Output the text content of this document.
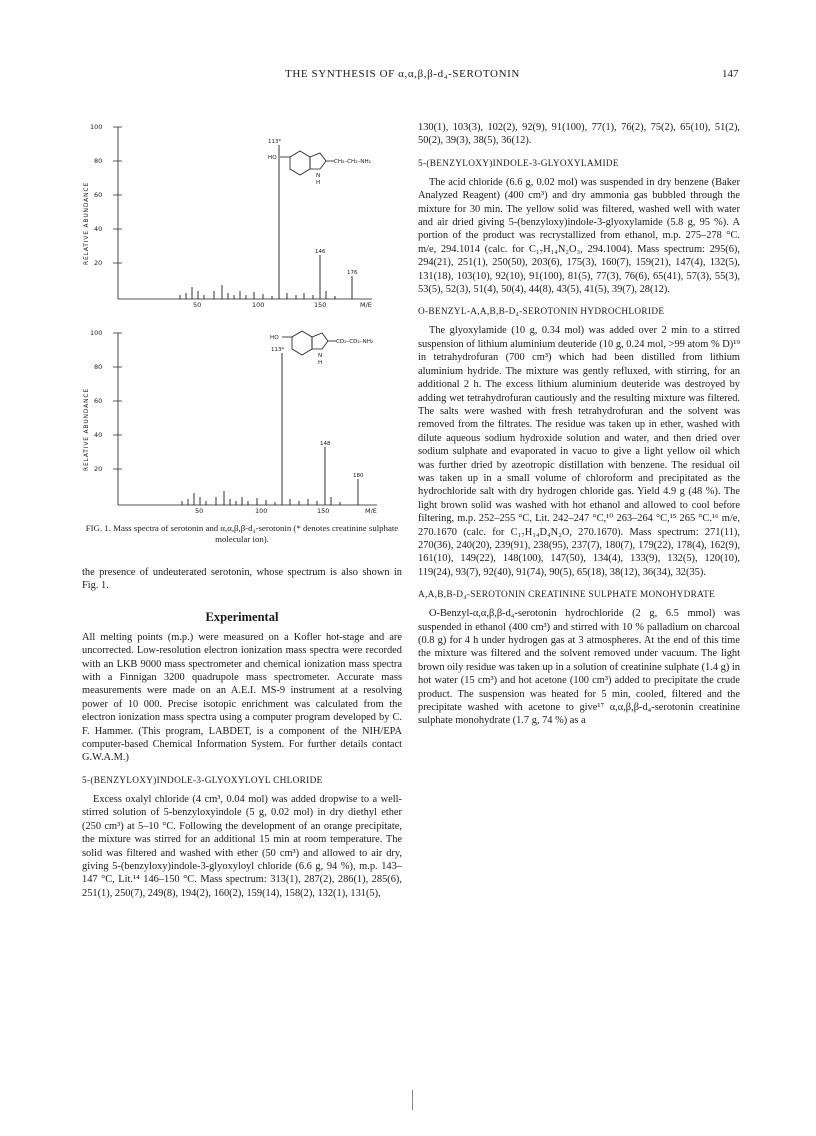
THE SYNTHESIS OF α,α,β,β-d₄-SEROTONIN	147
100
80
60
40
20
RELATIVE ABUNDANCE
50	100	150	M/E
113*
146
176
HO
CH₂–CH₂–NH₂
N
H
100
80
60
40
20
RELATIVE ABUNDANCE
50	100	150	M/E
113*
148
180
HO
CD₂–CD₂–NH₂
N
H
FIG. 1. Mass spectra of serotonin and α,α,β,β-d₄-serotonin (* denotes creatinine sulphate molecular ion).

the presence of undeuterated serotonin, whose spectrum is also shown in Fig. 1.

Experimental

All melting points (m.p.) were measured on a Kofler hot-stage and are uncorrected. Low-resolution electron ionization mass spectra were recorded with an LKB 9000 mass spectrometer and chemical ionization mass spectra with a Finnigan 3200 quadrupole mass spectrometer. Accurate mass measurements were made on an A.E.I. MS-9 instrument at a resolving power of 10 000. Precise isotopic enrichment was calculated from the electron ionization mass spectra using a computer program developed by C. F. Hammer. (This program, LABDET, is a component of the NIH/EPA computer-based Chemical Information System. For further details contact G.W.A.M.)

5-(BENZYLOXY)INDOLE-3-GLYOXYLOYL CHLORIDE

Excess oxalyl chloride (4 cm³, 0.04 mol) was added dropwise to a well-stirred solution of 5-benzyloxyindole (5 g, 0.02 mol) in dry diethyl ether (250 cm³) at 5–10 °C. Following the development of an orange precipitate, the mixture was stirred for an additional 15 min at room temperature. The solid was filtered and washed with ether (50 cm³) and allowed to air dry, giving 5-(benzyloxy)indole-3-glyoxyloyl chloride (6.6 g, 94 %), m.p. 143–147 °C, Lit.¹⁴ 146–150 °C. Mass spectrum: 313(1), 287(2), 286(1), 285(6), 251(1), 250(7), 249(8), 194(2), 160(2), 159(14), 158(2), 132(1), 131(5),

130(1), 103(3), 102(2), 92(9), 91(100), 77(1), 76(2), 75(2), 65(10), 51(2), 50(2), 39(3), 38(5), 36(12).

5-(BENZYLOXY)INDOLE-3-GLYOXYLAMIDE

The acid chloride (6.6 g, 0.02 mol) was suspended in dry benzene (Baker Analyzed Reagent) (400 cm³) and dry ammonia gas bubbled through the mixture for 30 min. The yellow solid was filtered, washed well with water and air dried giving 5-(benzyloxy)indole-3-glyoxylamide (5.8 g, 95 %). A portion of the product was recrystallized from ethanol, m.p. 275–278 °C. m/e, 294.1014 (calc. for C₁₇H₁₄N₂O₃, 294.1004). Mass spectrum: 295(6), 294(21), 251(1), 250(50), 203(6), 175(3), 160(7), 159(21), 147(4), 132(5), 131(18), 103(10), 92(10), 91(100), 81(5), 77(3), 76(6), 65(41), 57(3), 55(3), 53(5), 52(3), 51(4), 50(4), 44(8), 43(5), 41(5), 39(7), 28(12).

O-BENZYL-Α,Α,Β,Β-D₄-SEROTONIN HYDROCHLORIDE

The glyoxylamide (10 g, 0.34 mol) was added over 2 min to a stirred suspension of lithium aluminium deuteride (10 g, 0.24 mol, >99 atom % D)¹⁹ in tetrahydrofuran (700 cm³) which had been distilled from lithium aluminium hydride. The mixture was gently refluxed, with stirring, for an additional 2 h. The excess lithium aluminium deuteride was destroyed by adding wet tetrahydrofuran cautiously and the resulting mixture was filtered. The salts were washed with fresh tetrahydrofuran and the solvent was removed from the filtrates. The residue was taken up in ether, washed with dilute aqueous sodium hydroxide solution and water, and then dried over sodium sulphate and evaporated in vacuo to give a light yellow oil which was further dried by azeotropic distillation with benzene. The residual oil was taken up in a small volume of chloroform and precipitated as the hydrochloride salt with dry hydrogen chloride gas. Yield 4.9 g (48 %). The light brown solid was washed with hot ethanol and allowed to cool before filtering, m.p. 252–255 °C, Lit. 242–247 °C,¹⁰ 263–264 °C,¹⁵ 265 °C.¹⁶ m/e, 270.1670 (calc. for C₁₇H₁₄D₄N₂O, 270.1670). Mass spectrum: 271(11), 270(36), 240(20), 239(91), 238(95), 237(7), 180(7), 179(22), 178(4), 162(9), 161(10), 149(22), 148(100), 147(50), 134(4), 133(9), 132(5), 120(10), 119(24), 93(7), 92(40), 91(74), 90(5), 65(18), 38(12), 36(34), 32(35).

Α,Α,Β,Β-D₄-SEROTONIN CREATININE SULPHATE MONOHYDRATE

O-Benzyl-α,α,β,β-d₄-serotonin hydrochloride (2 g, 6.5 mmol) was suspended in ethanol (400 cm³) and stirred with 10 % palladium on charcoal (0.8 g) for 4 h under hydrogen gas at 3 atmospheres. At the end of this time the mixture was filtered and the solvent removed under vacuum. The light brown oily residue was taken up in a solution of creatinine sulphate (1.4 g) in hot water (15 cm³) and hot acetone (100 cm³) added to precipitate the crude product. The suspension was heated for 5 min, cooled, filtered and the precipitate washed with acetone to give¹⁷ α,α,β,β-d₄-serotonin creatinine sulphate monohydrate (1.7 g, 74 %) as a
